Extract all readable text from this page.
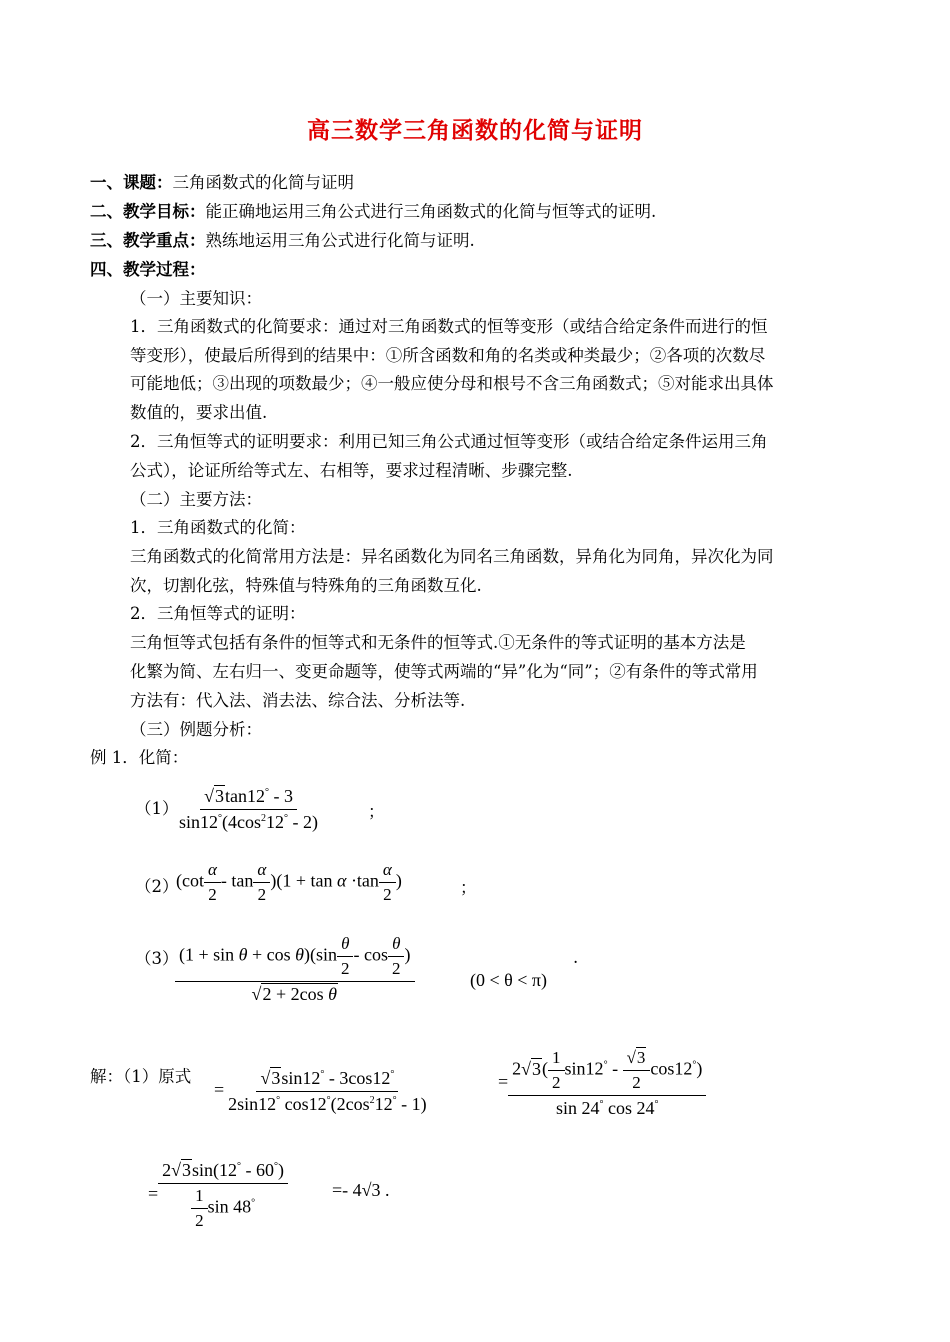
高三数学三角函数的化简与证明
一、课题：三角函数式的化简与证明
二、教学目标：能正确地运用三角公式进行三角函数式的化简与恒等式的证明.
三、教学重点：熟练地运用三角公式进行化简与证明.
四、教学过程：
（一）主要知识：
1．三角函数式的化简要求：通过对三角函数式的恒等变形（或结合给定条件而进行的恒
等变形），使最后所得到的结果中：①所含函数和角的名类或种类最少；②各项的次数尽
可能地低；③出现的项数最少；④一般应使分母和根号不含三角函数式；⑤对能求出具体
数值的，要求出值.
2．三角恒等式的证明要求：利用已知三角公式通过恒等变形（或结合给定条件运用三角
公式），论证所给等式左、右相等，要求过程清晰、步骤完整.
（二）主要方法：
1．三角函数式的化简：
三角函数式的化简常用方法是：异名函数化为同名三角函数，异角化为同角，异次化为同
次，切割化弦，特殊值与特殊角的三角函数互化.
2．三角恒等式的证明：
三角恒等式包括有条件的恒等式和无条件的恒等式.①无条件的等式证明的基本方法是
化繁为简、左右归一、变更命题等，使等式两端的“异”化为“同”；②有条件的等式常用
方法有：代入法、消去法、综合法、分析法等.
（三）例题分析：
例 1．化简：
（1）
$\frac{√3\tan 12^\circ - 3}{\sin 12^\circ(4\cos^212^\circ - 2)}$	；
（2）
$(\cot \frac{\alpha}{2} - \tan \frac{\alpha}{2} )(1 + \tan \alpha \cdot\tan \frac{\alpha}{2}$ )	；
（3）
$\frac{(1 + \sin \theta + \cos \theta)(\sin \frac{\theta}{2} - \cos \frac{\theta}{2} )}{\text{√2 + 2cos θ}}$	(0 < θ < π)
.
解：（1）原式
= $\frac{√3\sin 12^\circ - 3\cos 12^\circ}{2\sin 12^\circ \cos 12^\circ(2\cos^212^\circ - 1)}$	= $\frac{2√3( \frac{1}{2} \sin 12^\circ - \frac{√3}{2} \cos 12^\circ)}{\sin 24^\circ \cos 24^\circ}$
= $\frac{2√3\sin(12^\circ - 60^\circ)}{\frac{1}{2} \sin 48^\circ} =- 4√3$ .
